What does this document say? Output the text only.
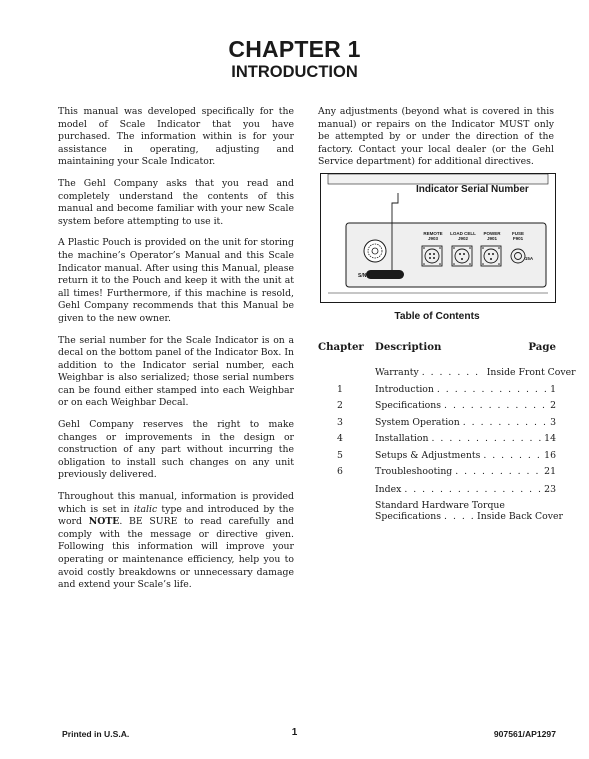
CHAPTER 1
INTRODUCTION

This manual was developed specifically for the model of Scale Indicator that you have purchased. The information within is for your assistance in operating, adjusting and maintaining your Scale Indicator.

The Gehl Company asks that you read and completely understand the contents of this manual and become familiar with your new Scale system before attempting to use it.

A Plastic Pouch is provided on the unit for storing the machine’s Operator’s Manual and this Scale Indicator manual. After using this Manual, please return it to the Pouch and keep it with the unit at all times! Furthermore, if this machine is resold, Gehl Company recommends that this Manual be given to the new owner.

The serial number for the Scale Indicator is on a decal on the bottom panel of the Indicator Box. In addition to the Indicator serial number, each Weighbar is also serialized; those serial numbers can be found either stamped into each Weighbar or on each Weighbar Decal.

Gehl Company reserves the right to make changes or improvements in the design or construction of any part without incurring the obligation to install such changes on any unit previously delivered.

Throughout this manual, information is provided which is set in italic type and introduced by the word NOTE. BE SURE to read carefully and comply with the message or directive given. Following this information will improve your operating or maintenance efficiency, help you to avoid costly breakdowns or unnecessary damage and extend your Scale’s life.

Any adjustments (beyond what is covered in this manual) or repairs on the Indicator MUST only be attempted by or under the direction of the factory. Contact your local dealer (or the Gehl Service department) for additional directives.

S/N
Indicator Serial Number
REMOTE
J903
LOAD CELL
J902
POWER
J901
FUSE
F901
15A
Table of Contents
Chapter Description	Page
Warranty . . .	Inside Front Cover
1	Introduction . . .	1
2	Specifications . . .	2
3	System Operation . . .	3
4	Installation . . .	14
5	Setups & Adjustments . . .	16
6	Troubleshooting . . .	21
Index . . .	23
Standard Hardware Torque
Specifications . . .	Inside Back Cover
Printed in U.S.A.	1	907561/AP1297
